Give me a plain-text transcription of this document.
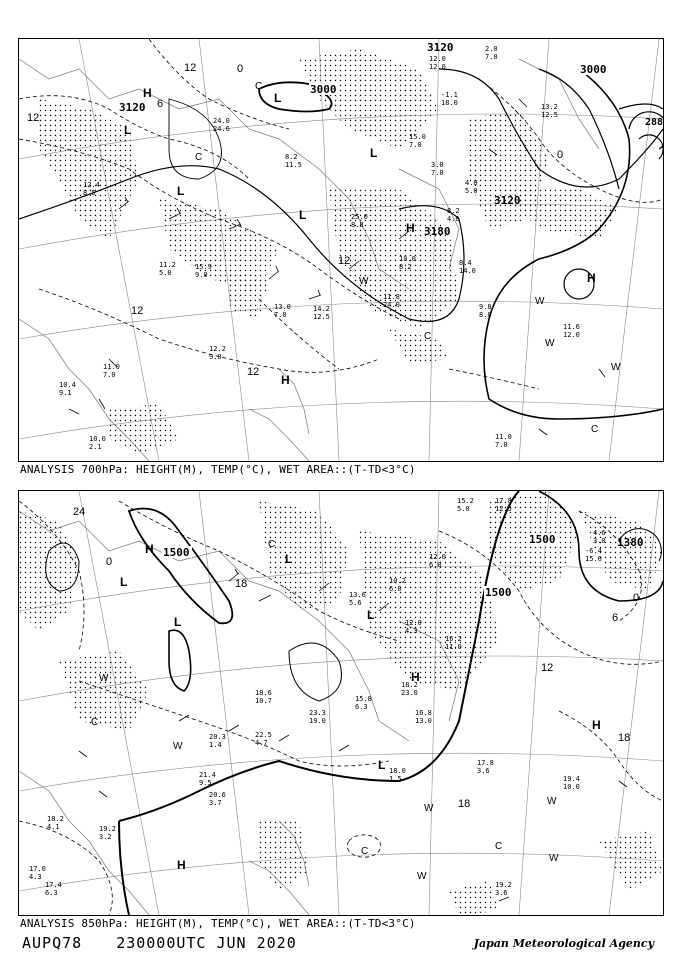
3000
3000
3120
3120
3120
3180
288
12
12
12
12
12
0
0
6
H	L
L
L
L
H
H
L
H
W
W
W
W
C
C
C
C
12.0
12.0
2.0
7.0
-1.1
18.0	13.2
12.5
24.0
24.6
8.2
11.5
15.0
7.0
3.0
7.0
8.2
4.0
25.0
8.8
10.0
8.2
11.8
24.0
11.6
12.0
9.8
8.0
11.0
7.0
12.2
9.0
13.0
7.0
14.2
12.5
10.4
9.1
10.0
2.1
12.4
8.5
11.0
7.0
15.9
9.0
11.2
5.0
4.8
5.0
8.4
14.0
ANALYSIS 700hPa: HEIGHT(M), TEMP(°C), WET AREA::(T-TD<3°C)
1500
1500
1500	1380
24
18
18
18
12
6
0
0
H
L
L
L
L
H
L
H
H
W
W
W
W
W
W
C
C
C
C
15.2
5.0
17.8
12.5
-6.4
15.0
4.6
3.0
12.0
6.0
10.2
6.0
13.6
5.6
12.0
4.3
16.2
11.0
18.2
23.0
16.8
13.0
17.8
3.6
19.4
10.0
18.0
1.5
22.5
4.7
20.3
1.4
21.4
9.5
19.2
3.6
19.2
3.2
18.2
4.1
17.0
4.3
17.4
6.3
20.6
3.7
18.6
10.7
23.3
19.0
15.8
6.3
ANALYSIS 850hPa: HEIGHT(M), TEMP(°C), WET AREA::(T-TD<3°C)
AUPQ78 230000UTC JUN 2020	Japan Meteorological Agency
